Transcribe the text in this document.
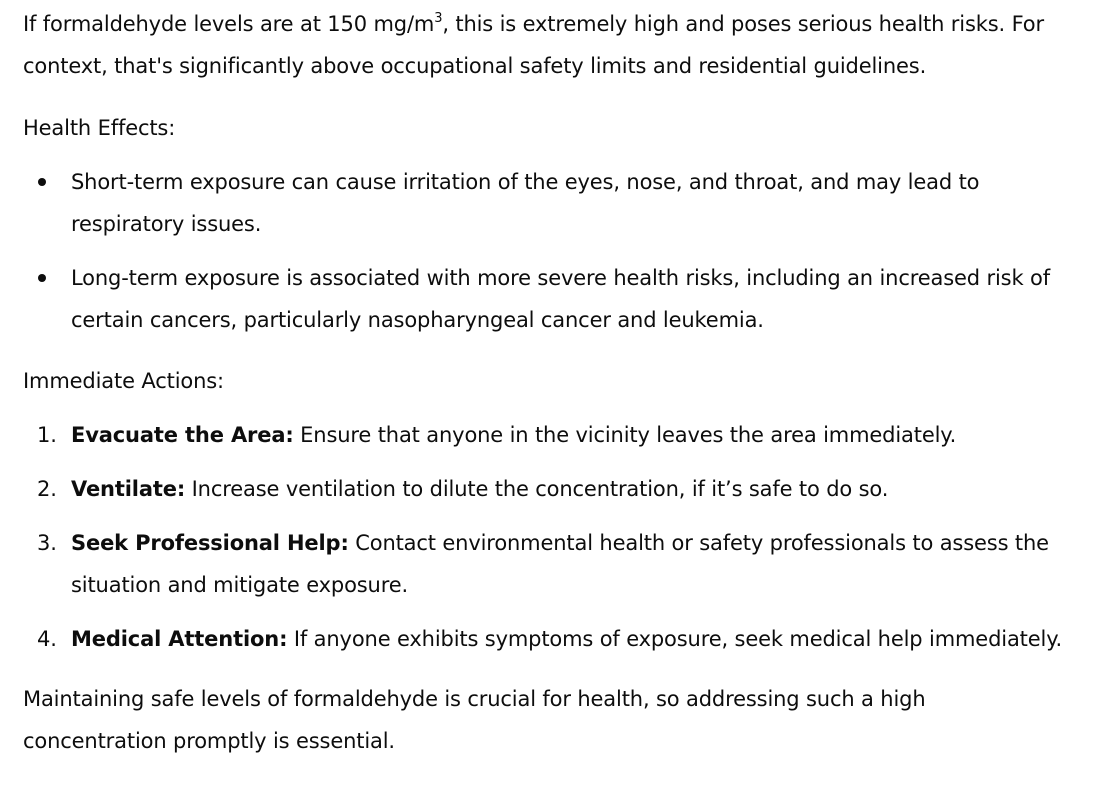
If formaldehyde levels are at 150 $mg/m^3$, this is extremely high and poses serious health risks. For context, that's significantly above occupational safety limits and residential guidelines.

Health Effects:

Short-term exposure can cause irritation of the eyes, nose, and throat, and may lead to respiratory issues.
Long-term exposure is associated with more severe health risks, including an increased risk of certain cancers, particularly nasopharyngeal cancer and leukemia.

Immediate Actions:

1. Evacuate the Area: Ensure that anyone in the vicinity leaves the area immediately.
2. Ventilate: Increase ventilation to dilute the concentration, if it’s safe to do so.
3. Seek Professional Help: Contact environmental health or safety professionals to assess the situation and mitigate exposure.
4. Medical Attention: If anyone exhibits symptoms of exposure, seek medical help immediately.

Maintaining safe levels of formaldehyde is crucial for health, so addressing such a high concentration promptly is essential.
